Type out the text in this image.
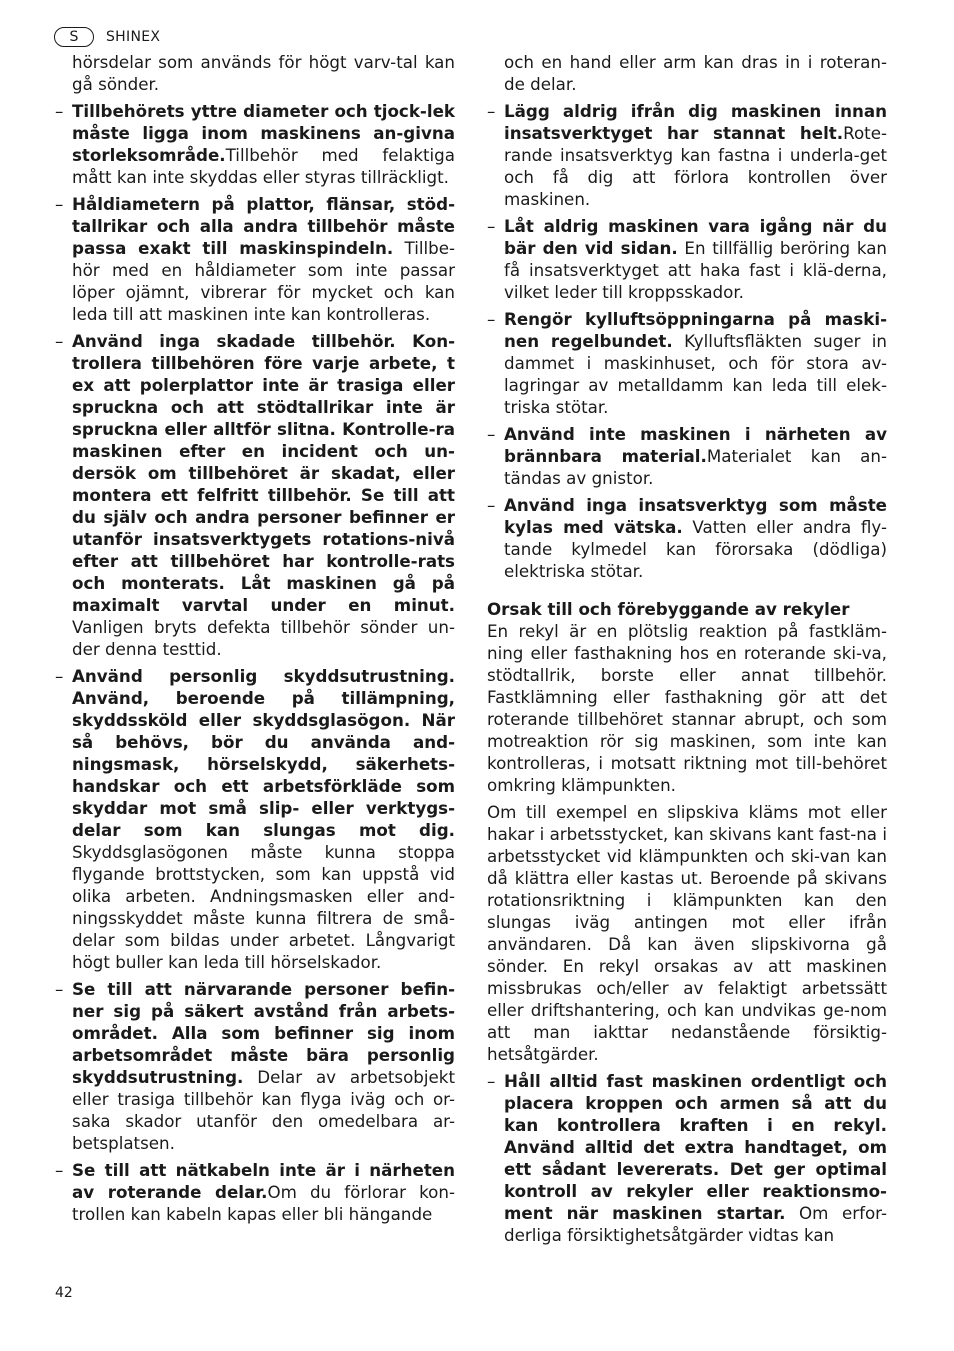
S	SHINEX

hörsdelar som används för högt varv-tal kan gå sönder.

– Tillbehörets yttre diameter och tjock-lek måste ligga inom maskinens an-givna storleksområde.Tillbehör med felaktiga mått kan inte skyddas eller styras tillräckligt.
– Håldiametern på plattor, flänsar, stöd-tallrikar och alla andra tillbehör måste passa exakt till maskinspindeln. Tillbe-hör med en håldiameter som inte passar löper ojämnt, vibrerar för mycket och kan leda till att maskinen inte kan kontrolleras.
– Använd inga skadade tillbehör. Kon-trollera tillbehören före varje arbete, t ex att polerplattor inte är trasiga eller spruckna och att stödtallrikar inte är spruckna eller alltför slitna. Kontrolle-ra maskinen efter en incident och un-dersök om tillbehöret är skadat, eller montera ett felfritt tillbehör. Se till att du själv och andra personer befinner er utanför insatsverktygets rotations-nivå efter att tillbehöret har kontrolle-rats och monterats. Låt maskinen gå på maximalt varvtal under en minut. Vanligen bryts defekta tillbehör sönder un-der denna testtid.
– Använd personlig skyddsutrustning. Använd, beroende på tillämpning, skyddssköld eller skyddsglasögon. När så behövs, bör du använda and-ningsmask, hörselskydd, säkerhets-handskar och ett arbetsförkläde som skyddar mot små slip- eller verktygs-delar som kan slungas mot dig. Skyddsglasögonen måste kunna stoppa flygande brottstycken, som kan uppstå vid olika arbeten. Andningsmasken eller and-ningsskyddet måste kunna filtrera de små-delar som bildas under arbetet. Långvarigt högt buller kan leda till hörselskador.
– Se till att närvarande personer befin-ner sig på säkert avstånd från arbets-området. Alla som befinner sig inom arbetsområdet måste bära personlig skyddsutrustning. Delar av arbetsobjekt eller trasiga tillbehör kan flyga iväg och or-saka skador utanför den omedelbara ar-betsplatsen.
– Se till att nätkabeln inte är i närheten av roterande delar.Om du förlorar kon-trollen kan kabeln kapas eller bli hängande

och en hand eller arm kan dras in i roteran-de delar.

– Lägg aldrig ifrån dig maskinen innan insatsverktyget har stannat helt.Rote-rande insatsverktyg kan fastna i underla-get och få dig att förlora kontrollen över maskinen.
– Låt aldrig maskinen vara igång när du bär den vid sidan. En tillfällig beröring kan få insatsverktyget att haka fast i klä-derna, vilket leder till kroppsskador.
– Rengör kylluftsöppningarna på maski-nen regelbundet. Kylluftsfläkten suger in dammet i maskinhuset, och för stora av-lagringar av metalldamm kan leda till elek-triska stötar.
– Använd inte maskinen i närheten av brännbara material.Materialet kan an-tändas av gnistor.
– Använd inga insatsverktyg som måste kylas med vätska. Vatten eller andra fly-tande kylmedel kan förorsaka (dödliga) elektriska stötar.

Orsak till och förebyggande av rekyler

En rekyl är en plötslig reaktion på fastkläm-ning eller fasthakning hos en roterande ski-va, stödtallrik, borste eller annat tillbehör. Fastklämning eller fasthakning gör att det roterande tillbehöret stannar abrupt, och som motreaktion rör sig maskinen, som inte kan kontrolleras, i motsatt riktning mot till-behöret omkring klämpunkten.

Om till exempel en slipskiva kläms mot eller hakar i arbetsstycket, kan skivans kant fast-na i arbetsstycket vid klämpunkten och ski-van kan då klättra eller kastas ut. Beroende på skivans rotationsriktning i klämpunkten kan den slungas iväg antingen mot eller ifrån användaren. Då kan även slipskivorna gå sönder. En rekyl orsakas av att maskinen missbrukas och/eller av felaktigt arbetssätt eller driftshantering, och kan undvikas ge-nom att man iakttar nedanstående försiktig-hetsåtgärder.

– Håll alltid fast maskinen ordentligt och placera kroppen och armen så att du kan kontrollera kraften i en rekyl. Använd alltid det extra handtaget, om ett sådant levererats. Det ger optimal kontroll av rekyler eller reaktionsmo-ment när maskinen startar. Om erfor-derliga försiktighetsåtgärder vidtas kan
42
